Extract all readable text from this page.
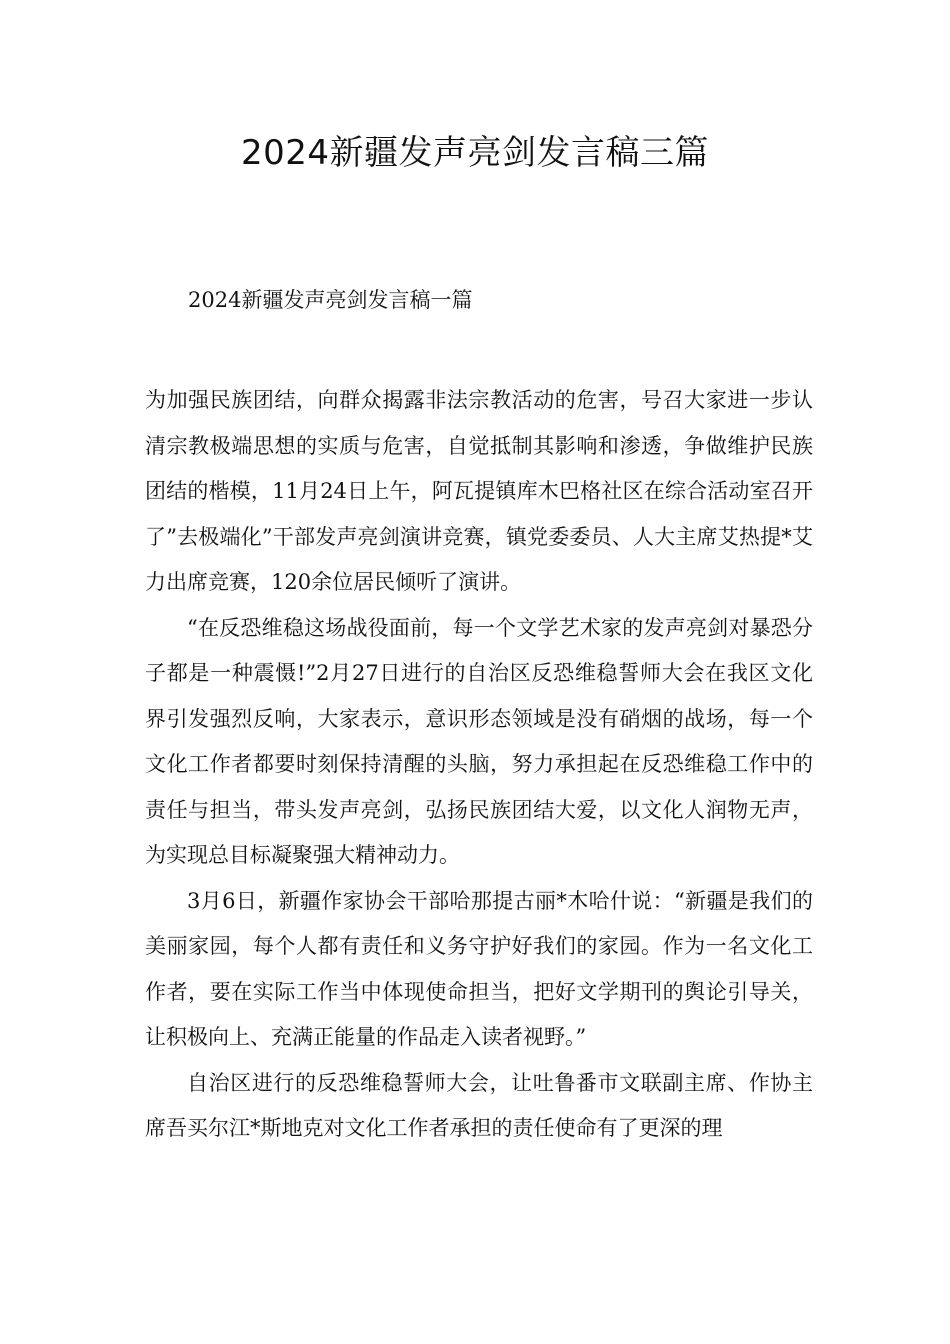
2024新疆发声亮剑发言稿三篇

2024新疆发声亮剑发言稿一篇

为加强民族团结，向群众揭露非法宗教活动的危害，号召大家进一步认清宗教极端思想的实质与危害，自觉抵制其影响和渗透，争做维护民族团结的楷模，11月24日上午，阿瓦提镇库木巴格社区在综合活动室召开了”去极端化”干部发声亮剑演讲竞赛，镇党委委员、人大主席艾热提*艾力出席竞赛，120余位居民倾听了演讲。

“在反恐维稳这场战役面前，每一个文学艺术家的发声亮剑对暴恐分子都是一种震慑!”2月27日进行的自治区反恐维稳誓师大会在我区文化界引发强烈反响，大家表示，意识形态领域是没有硝烟的战场，每一个文化工作者都要时刻保持清醒的头脑，努力承担起在反恐维稳工作中的责任与担当，带头发声亮剑，弘扬民族团结大爱，以文化人润物无声，为实现总目标凝聚强大精神动力。

3月6日，新疆作家协会干部哈那提古丽*木哈什说：“新疆是我们的美丽家园，每个人都有责任和义务守护好我们的家园。作为一名文化工作者，要在实际工作当中体现使命担当，把好文学期刊的舆论引导关，让积极向上、充满正能量的作品走入读者视野。”

自治区进行的反恐维稳誓师大会，让吐鲁番市文联副主席、作协主席吾买尔江*斯地克对文化工作者承担的责任使命有了更深的理
